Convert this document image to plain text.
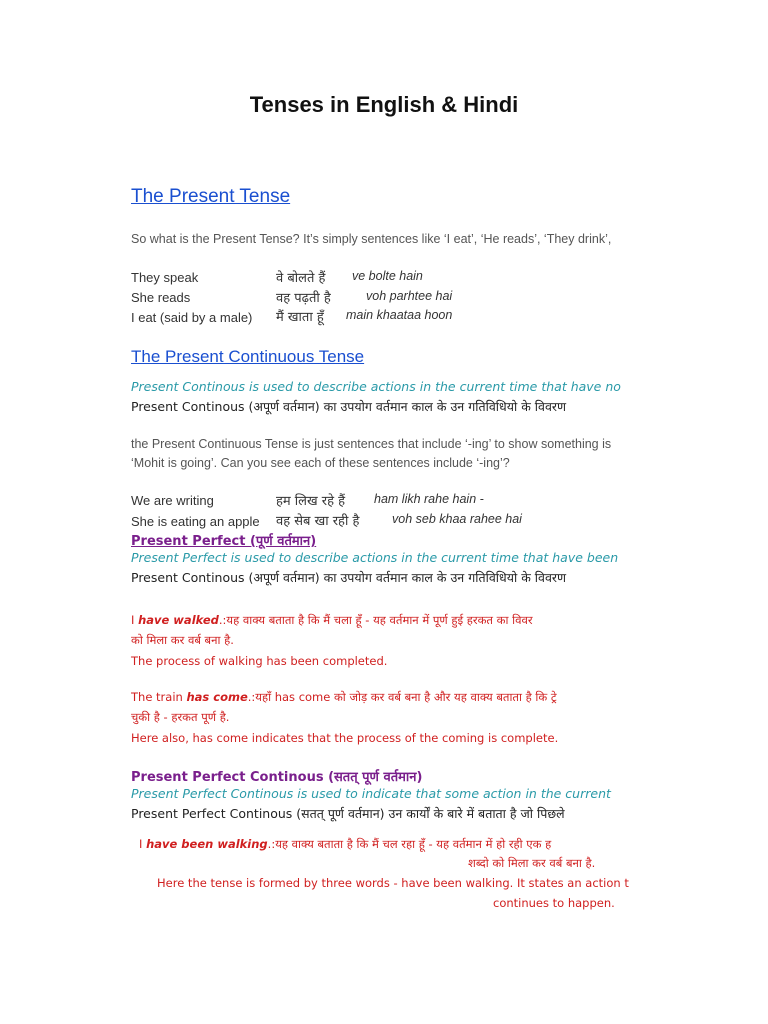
Tenses in English & Hindi
The Present Tense
So what is the Present Tense? It’s simply sentences like ‘I eat’, ‘He reads’, ‘They drink’,
They speak	वे बोलते हैं ve bolte hain
She reads	वह पढ़ती है	voh parhtee hai
I eat (said by a male) मैं खाता हूँ main khaataa hoon
The Present Continuous Tense
Present Continous is used to describe actions in the current time that have no
Present Continous (अपूर्ण वर्तमान) का उपयोग वर्तमान काल के उन गतिविधियो के विवरण
the Present Continuous Tense is just sentences that include ‘-ing’ to show something is
‘Mohit is going’. Can you see each of these sentences include ‘-ing’?
We are writing	हम लिख रहे हैं ham likh rahe hain -
She is eating an apple वह सेब खा रही है	voh seb khaa rahee hai
Present Perfect (पूर्ण वर्तमान)
Present Perfect is used to describe actions in the current time that have been
Present Continous (अपूर्ण वर्तमान) का उपयोग वर्तमान काल के उन गतिविधियो के विवरण
I have walked.:यह वाक्य बताता है कि मैं चला हूँ - यह वर्तमान में पूर्ण हुई हरकत का विवर
को मिला कर वर्ब बना है.
The process of walking has been completed.
The train has come.:यहाँ has come को जोड़ कर वर्ब बना है और यह वाक्य बताता है कि ट्रे
चुकी है - हरकत पूर्ण है.
Here also, has come indicates that the process of the coming is complete.
Present Perfect Continous (सतत् पूर्ण वर्तमान)
Present Perfect Continous is used to indicate that some action in the current
Present Perfect Continous (सतत् पूर्ण वर्तमान) उन कार्यों के बारे में बताता है जो पिछले
I have been walking.:यह वाक्य बताता है कि मैं चल रहा हूँ - यह वर्तमान में हो रही एक ह
शब्दो को मिला कर वर्ब बना है.
Here the tense is formed by three words - have been walking. It states an action t
continues to happen.
